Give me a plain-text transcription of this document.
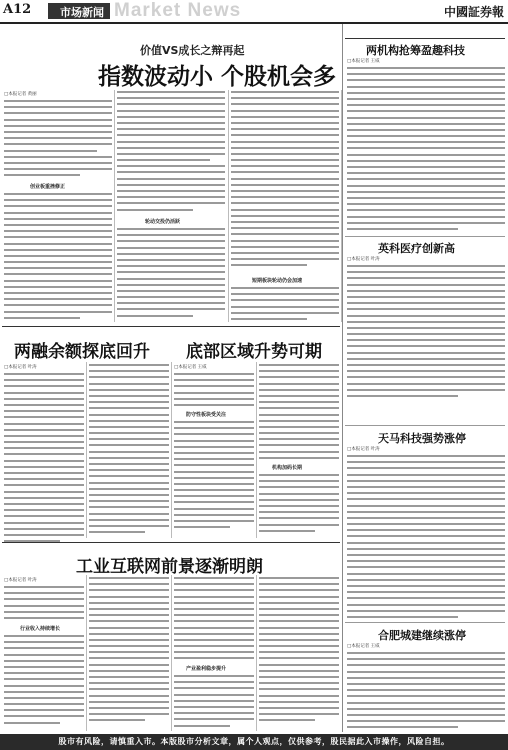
A12	市场新闻 Market News	中國証券報
价值VS成长之辩再起
指数波动小 个股机会多
□本报记者 黄丽
创业板重挫修正
轮动交投仍活跃
短期板块轮动仍会加速
两融余额探底回升 底部区域升势可期
□本报记者 叶涛	□本报记者 王威
防守性板块受关注
机构加码长期
工业互联网前景逐渐明朗
□本报记者 叶涛
行业收入持续增长
产业盈利稳步提升
两机构抢筹盈趣科技
□本报记者 王威
英科医疗创新高
□本报记者 叶涛
天马科技强势涨停
□本报记者 叶涛
合肥城建继续涨停
□本报记者 王威
股市有风险，请慎重入市。本版股市分析文章，属个人观点，仅供参考，股民据此入市操作，风险自担。
